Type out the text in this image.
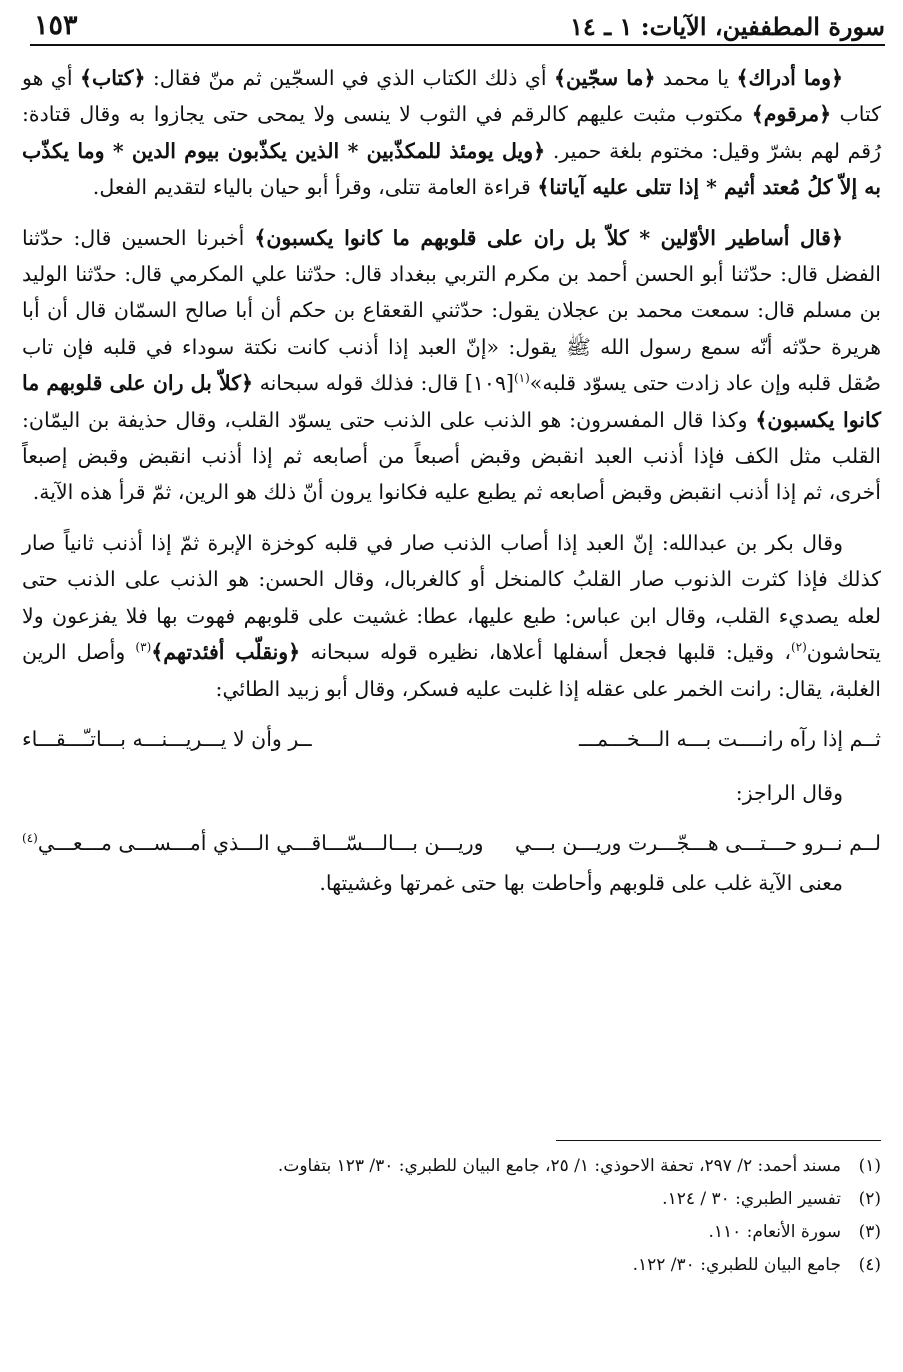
سورة المطففين، الآيات: ١ ـ ١٤
١٥٣

﴿وما أدراك﴾ يا محمد ﴿ما سجّين﴾ أي ذلك الكتاب الذي في السجّين ثم منّ فقال: ﴿كتاب﴾ أي هو كتاب ﴿مرقوم﴾ مكتوب مثبت عليهم كالرقم في الثوب لا ينسى ولا يمحى حتى يجازوا به وقال قتادة: رُقم لهم بشرّ وقيل: مختوم بلغة حمير. ﴿ويل يومئذ للمكذّبين * الذين يكذّبون بيوم الدين * وما يكذّب به إلاّ كلُ مُعتد أثيم * إذا تتلى عليه آياتنا﴾ قراءة العامة تتلى، وقرأ أبو حيان بالياء لتقديم الفعل.

﴿قال أساطير الأوّلين * كلاّ بل ران على قلوبهم ما كانوا يكسبون﴾ أخبرنا الحسين قال: حدّثنا الفضل قال: حدّثنا أبو الحسن أحمد بن مكرم التربي ببغداد قال: حدّثنا علي المكرمي قال: حدّثنا الوليد بن مسلم قال: سمعت محمد بن عجلان يقول: حدّثني القعقاع بن حكم أن أبا صالح السمّان قال أن أبا هريرة حدّثه أنّه سمع رسول الله ﷺ يقول: «إنّ العبد إذا أذنب كانت نكتة سوداء في قلبه فإن تاب صُقل قلبه وإن عاد زادت حتى يسوّد قلبه»$^{(١)}$[١٠٩] قال: فذلك قوله سبحانه ﴿كلاّ بل ران على قلوبهم ما كانوا يكسبون﴾ وكذا قال المفسرون: هو الذنب على الذنب حتى يسوّد القلب، وقال حذيفة بن اليمّان: القلب مثل الكف فإذا أذنب العبد انقبض وقبض أصبعاً من أصابعه ثم إذا أذنب انقبض وقبض إصبعاً أخرى، ثم إذا أذنب انقبض وقبض أصابعه ثم يطبع عليه فكانوا يرون أنّ ذلك هو الرين، ثمّ قرأ هذه الآية.

وقال بكر بن عبدالله: إنّ العبد إذا أصاب الذنب صار في قلبه كوخزة الإبرة ثمّ إذا أذنب ثانياً صار كذلك فإذا كثرت الذنوب صار القلبُ كالمنخل أو كالغربال، وقال الحسن: هو الذنب على الذنب حتى لعله يصديء القلب، وقال ابن عباس: طبع عليها، عطا: غشيت على قلوبهم فهوت بها فلا يفزعون ولا يتحاشون$^{(٢)}$، وقيل: قلبها فجعل أسفلها أعلاها، نظيره قوله سبحانه ﴿ونقلّب أفئدتهم﴾$^{(٣)}$ وأصل الرين الغلبة، يقال: رانت الخمر على عقله إذا غلبت عليه فسكر، وقال أبو زبيد الطائي:

ثــم إذا رآه رانــــت بـــه الـــخـــمـــ
ــر وأن لا يـــريـــنـــه بـــاتـّـــقـــاء

وقال الراجز:

لــم نــرو حـــتـــى هـــجّـــرت وريـــن بـــي
وريـــن بـــالـــسّـــاقـــي الـــذي أمـــســـى مـــعـــي$^{(٤)}$

معنى الآية غلب على قلوبهم وأحاطت بها حتى غمرتها وغشيتها.

(١)مسند أحمد: ٢/ ٢٩٧، تحفة الاحوذي: ١/ ٢٥، جامع البيان للطبري: ٣٠/ ١٢٣ بتفاوت.
(٢)تفسير الطبري: ٣٠ / ١٢٤.
(٣)سورة الأنعام: ١١٠.
(٤)جامع البيان للطبري: ٣٠/ ١٢٢.
